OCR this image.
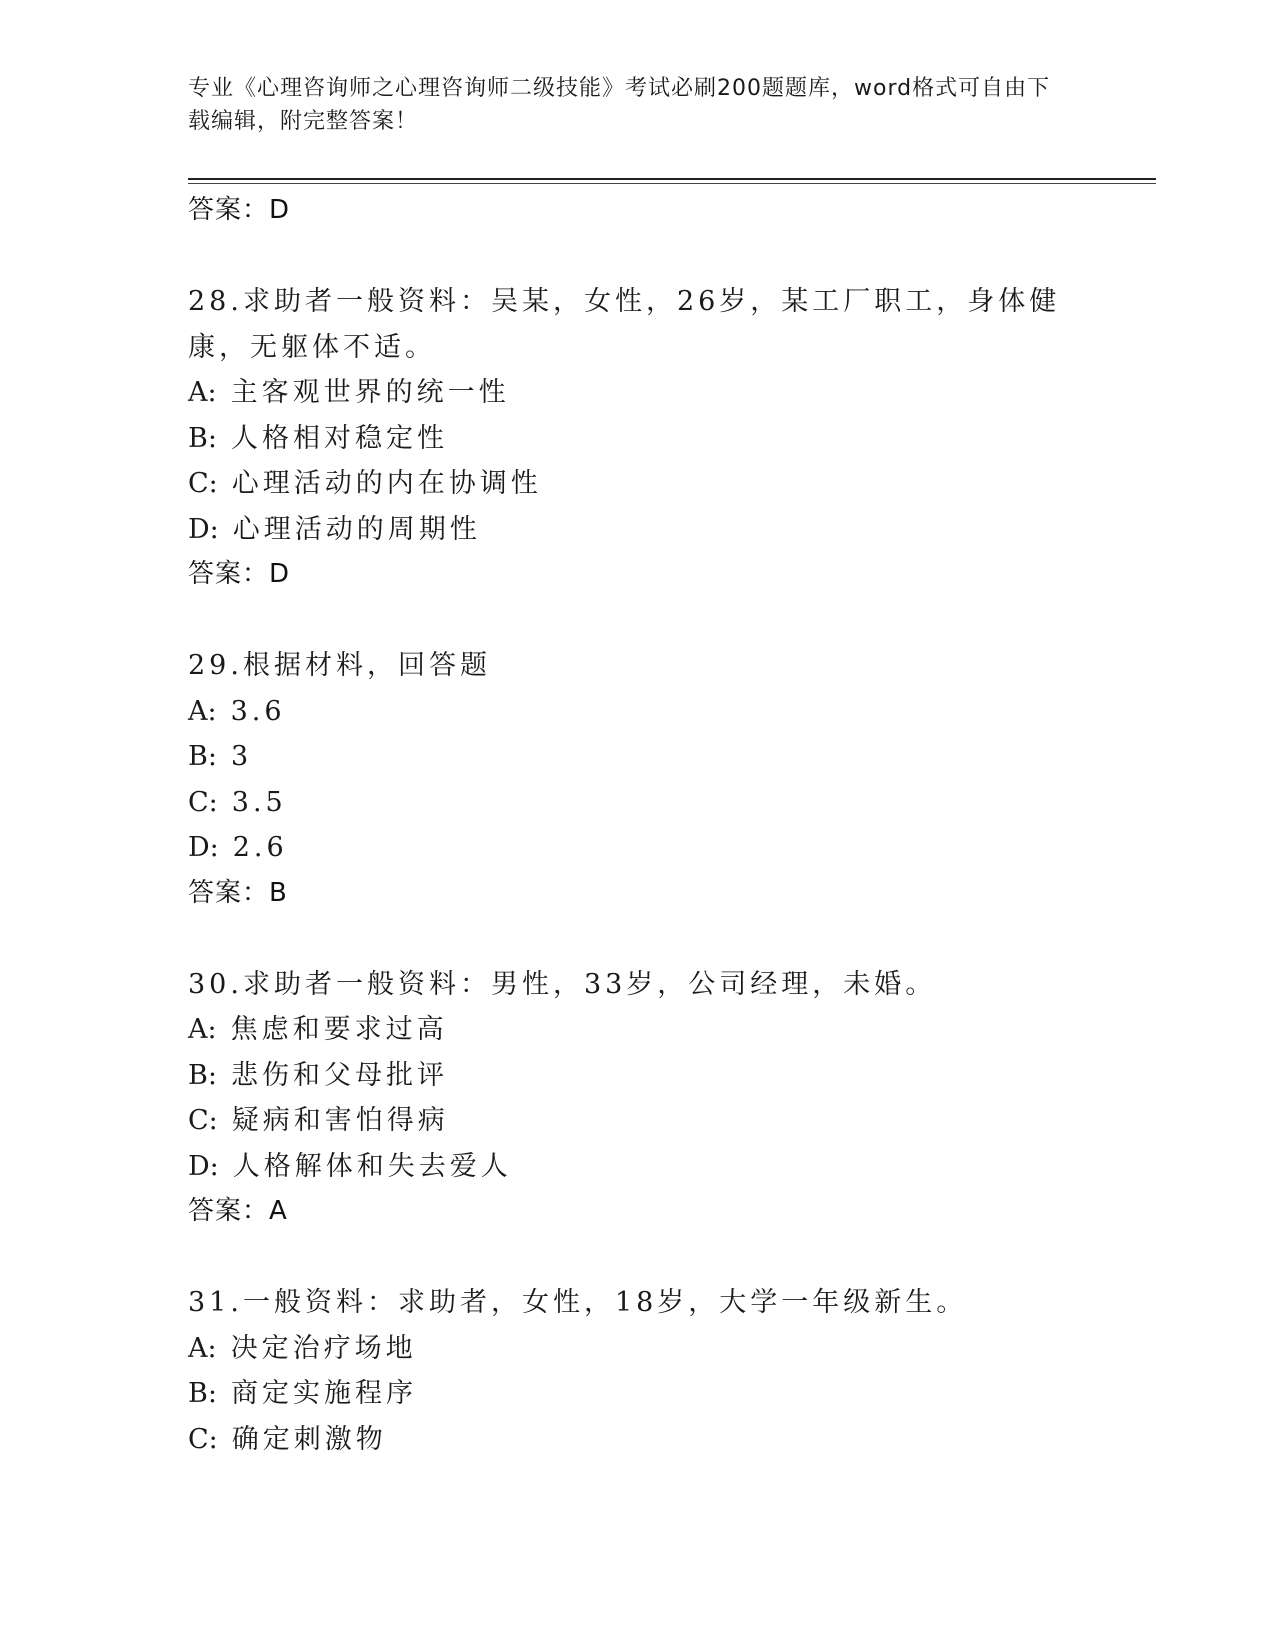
专业《心理咨询师之心理咨询师二级技能》考试必刷200题题库，word格式可自由下载编辑，附完整答案！
答案：D
28.求助者一般资料：吴某，女性，26岁，某工厂职工，身体健康，无躯体不适。
A: 主客观世界的统一性
B: 人格相对稳定性
C: 心理活动的内在协调性
D: 心理活动的周期性
答案：D
29.根据材料，回答题
A: 3.6
B: 3
C: 3.5
D: 2.6
答案：B
30.求助者一般资料：男性，33岁，公司经理，未婚。
A: 焦虑和要求过高
B: 悲伤和父母批评
C: 疑病和害怕得病
D: 人格解体和失去爱人
答案：A
31.一般资料：求助者，女性，18岁，大学一年级新生。
A: 决定治疗场地
B: 商定实施程序
C: 确定刺激物
